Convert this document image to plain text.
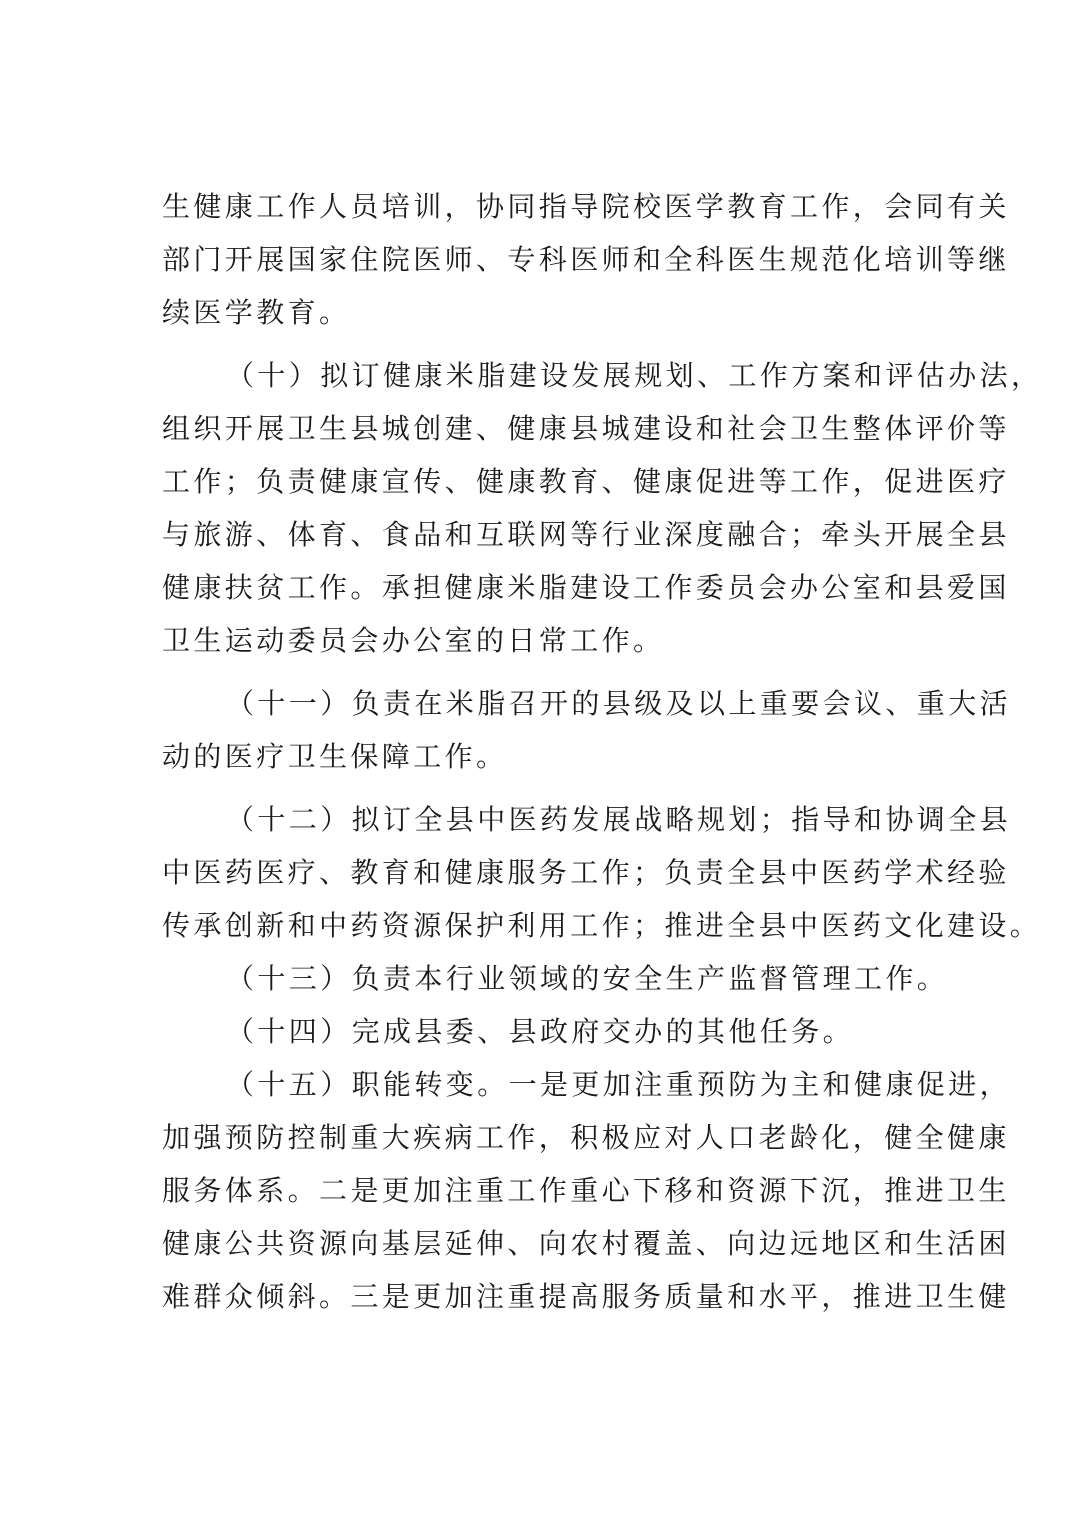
生健康工作人员培训，协同指导院校医学教育工作，会同有关
部门开展国家住院医师、专科医师和全科医生规范化培训等继
续医学教育。
（十）拟订健康米脂建设发展规划、工作方案和评估办法，
组织开展卫生县城创建、健康县城建设和社会卫生整体评价等
工作；负责健康宣传、健康教育、健康促进等工作，促进医疗
与旅游、体育、食品和互联网等行业深度融合；牵头开展全县
健康扶贫工作。承担健康米脂建设工作委员会办公室和县爱国
卫生运动委员会办公室的日常工作。
（十一）负责在米脂召开的县级及以上重要会议、重大活
动的医疗卫生保障工作。
（十二）拟订全县中医药发展战略规划；指导和协调全县
中医药医疗、教育和健康服务工作；负责全县中医药学术经验
传承创新和中药资源保护利用工作；推进全县中医药文化建设。
（十三）负责本行业领域的安全生产监督管理工作。
（十四）完成县委、县政府交办的其他任务。
（十五）职能转变。一是更加注重预防为主和健康促进，
加强预防控制重大疾病工作，积极应对人口老龄化，健全健康
服务体系。二是更加注重工作重心下移和资源下沉，推进卫生
健康公共资源向基层延伸、向农村覆盖、向边远地区和生活困
难群众倾斜。三是更加注重提高服务质量和水平，推进卫生健
